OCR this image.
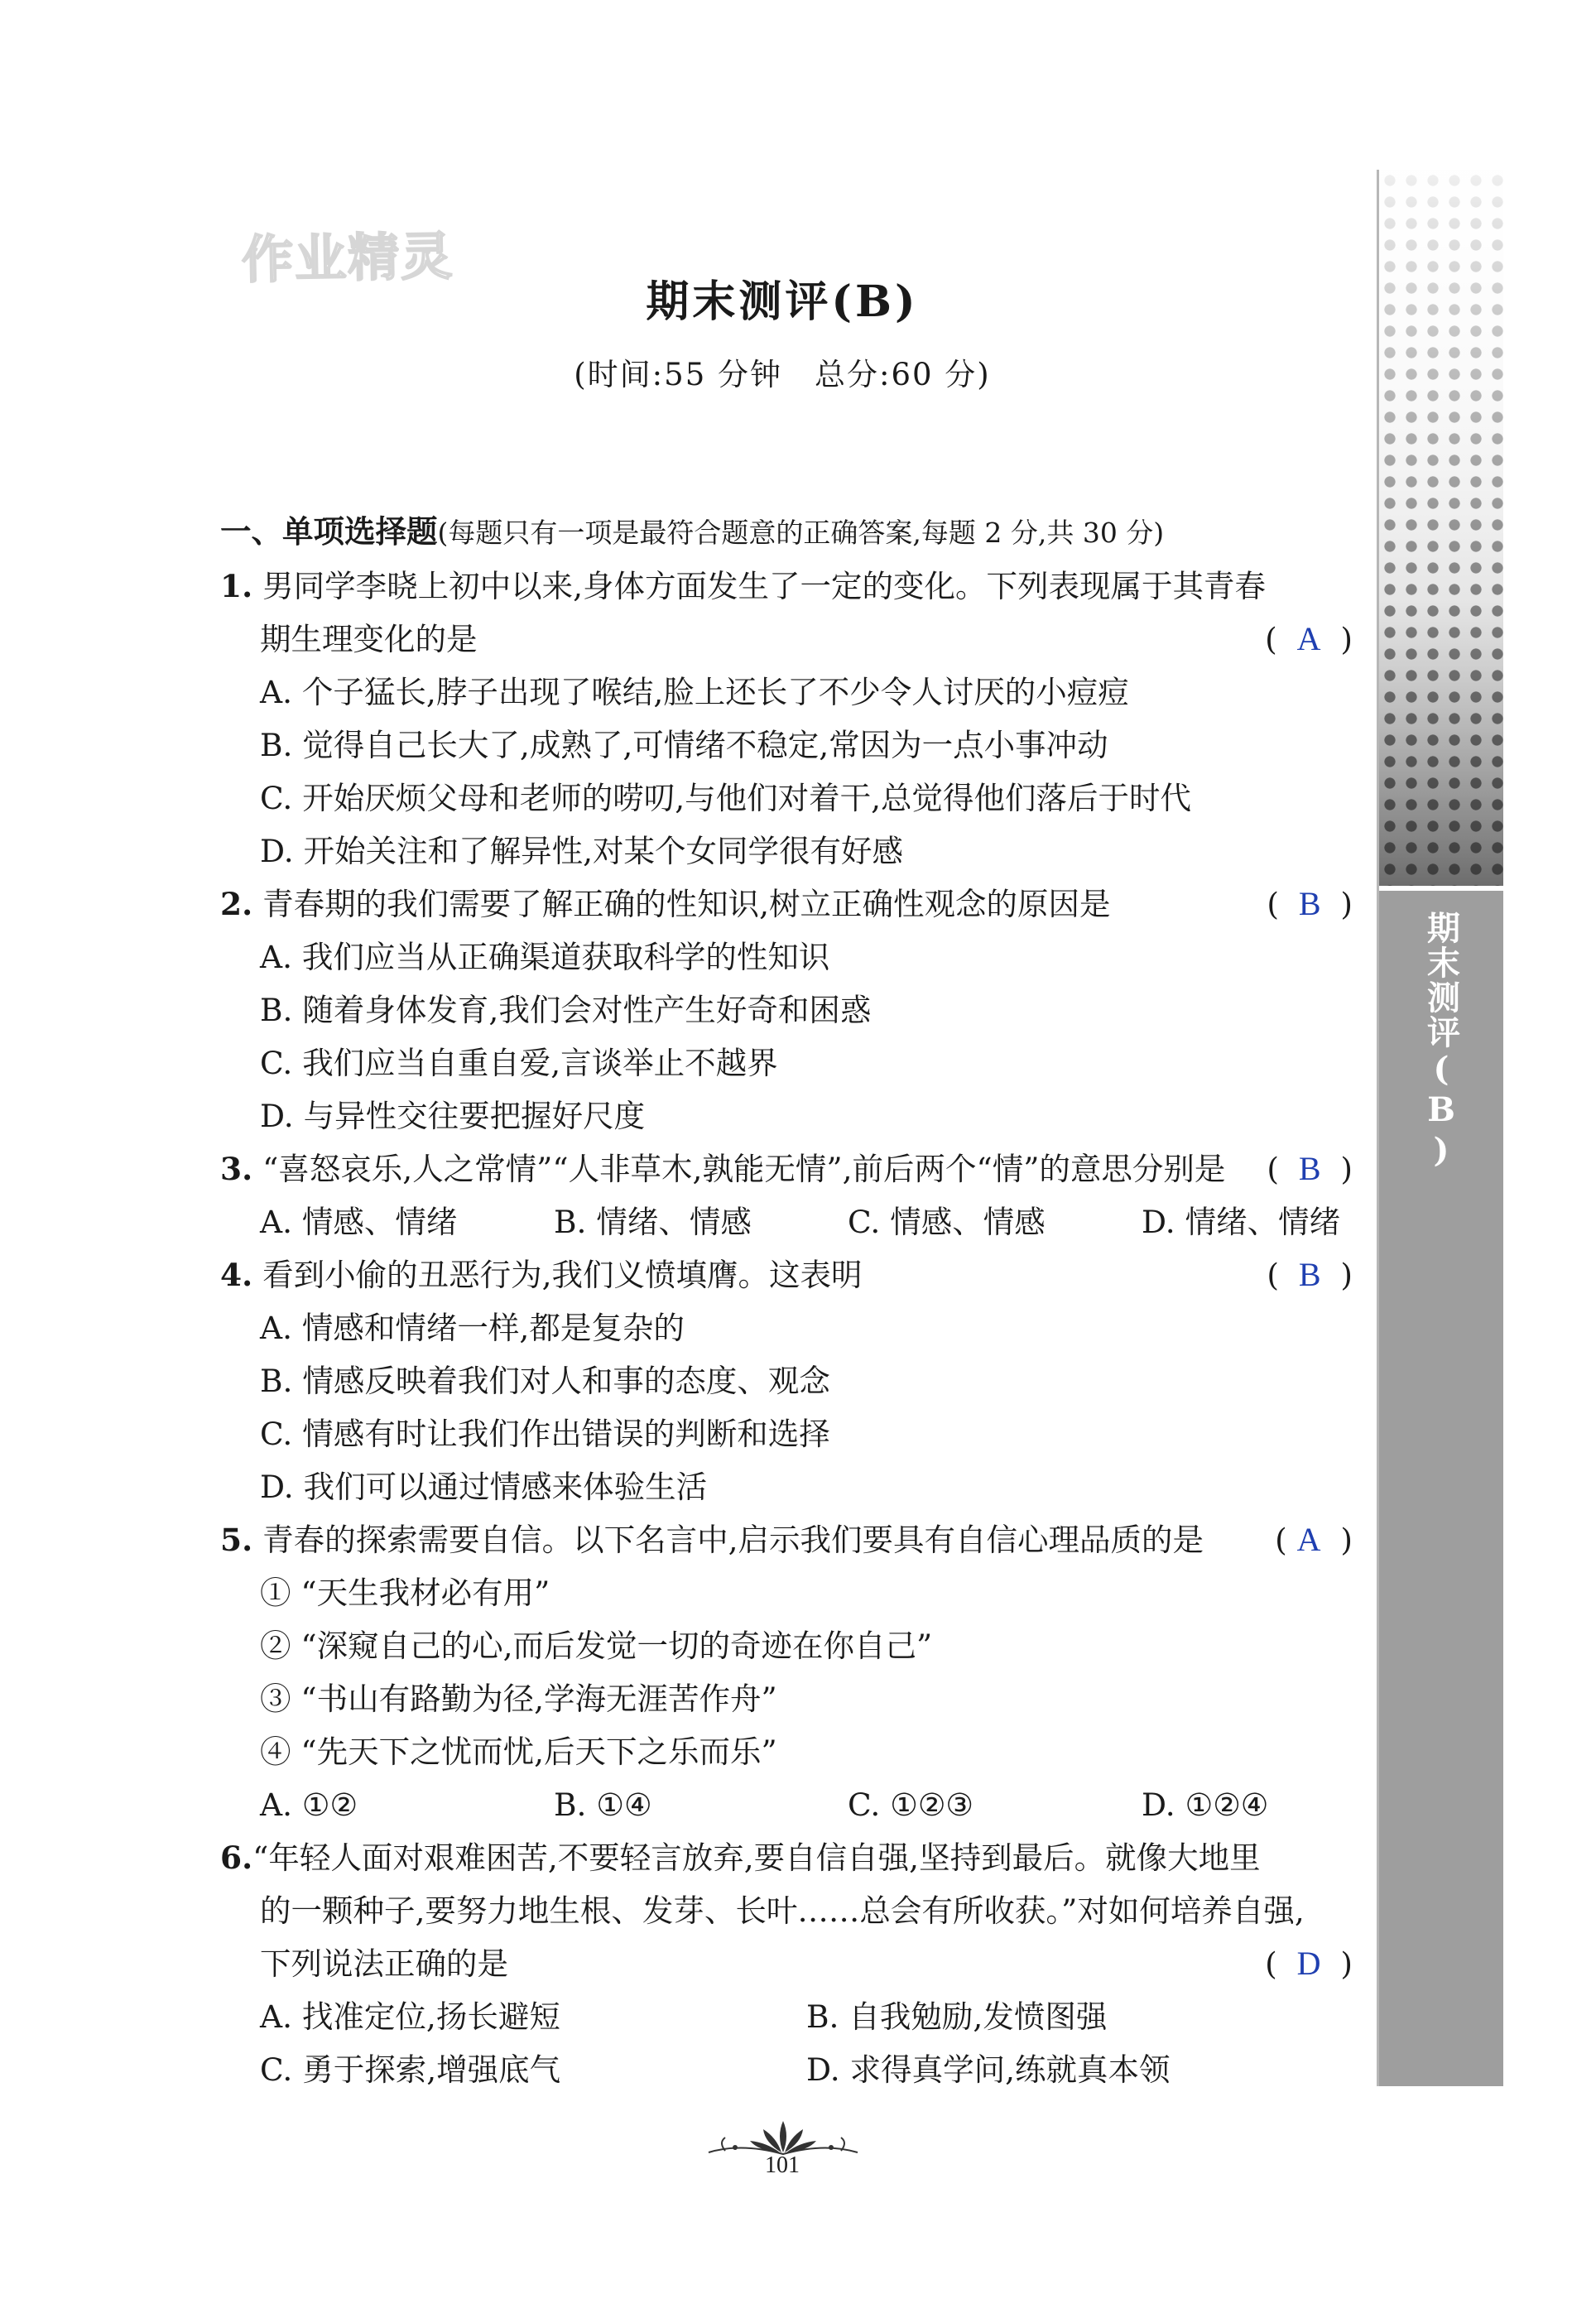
作业精灵
期末测评(B)
(时间:55 分钟　总分:60 分)
一、单项选择题(每题只有一项是最符合题意的正确答案,每题 2 分,共 30 分)
1. 男同学李晓上初中以来,身体方面发生了一定的变化。下列表现属于其青春
期生理变化的是	(  A  )
A. 个子猛长,脖子出现了喉结,脸上还长了不少令人讨厌的小痘痘
B. 觉得自己长大了,成熟了,可情绪不稳定,常因为一点小事冲动
C. 开始厌烦父母和老师的唠叨,与他们对着干,总觉得他们落后于时代
D. 开始关注和了解异性,对某个女同学很有好感
2. 青春期的我们需要了解正确的性知识,树立正确性观念的原因是	(  B  )
A. 我们应当从正确渠道获取科学的性知识
B. 随着身体发育,我们会对性产生好奇和困惑
C. 我们应当自重自爱,言谈举止不越界
D. 与异性交往要把握好尺度
3. “喜怒哀乐,人之常情”“人非草木,孰能无情”,前后两个“情”的意思分别是 (  B  )
A. 情感、情绪	B. 情绪、情感	C. 情感、情感	D. 情绪、情绪
4. 看到小偷的丑恶行为,我们义愤填膺。这表明	(  B  )
A. 情感和情绪一样,都是复杂的
B. 情感反映着我们对人和事的态度、观念
C. 情感有时让我们作出错误的判断和选择
D. 我们可以通过情感来体验生活
5. 青春的探索需要自信。以下名言中,启示我们要具有自信心理品质的是 ( A  )
① “天生我材必有用”
② “深窥自己的心,而后发觉一切的奇迹在你自己”
③ “书山有路勤为径,学海无涯苦作舟”
④ “先天下之忧而忧,后天下之乐而乐”
A. ①②	B. ①④	C. ①②③	D. ①②④
6.“年轻人面对艰难困苦,不要轻言放弃,要自信自强,坚持到最后。就像大地里
的一颗种子,要努力地生根、发芽、长叶……总会有所收获。”对如何培养自强,
下列说法正确的是	(  D  )
A. 找准定位,扬长避短	B. 自我勉励,发愤图强
C. 勇于探索,增强底气	D. 求得真学问,练就真本领
期末测评(B)
101
